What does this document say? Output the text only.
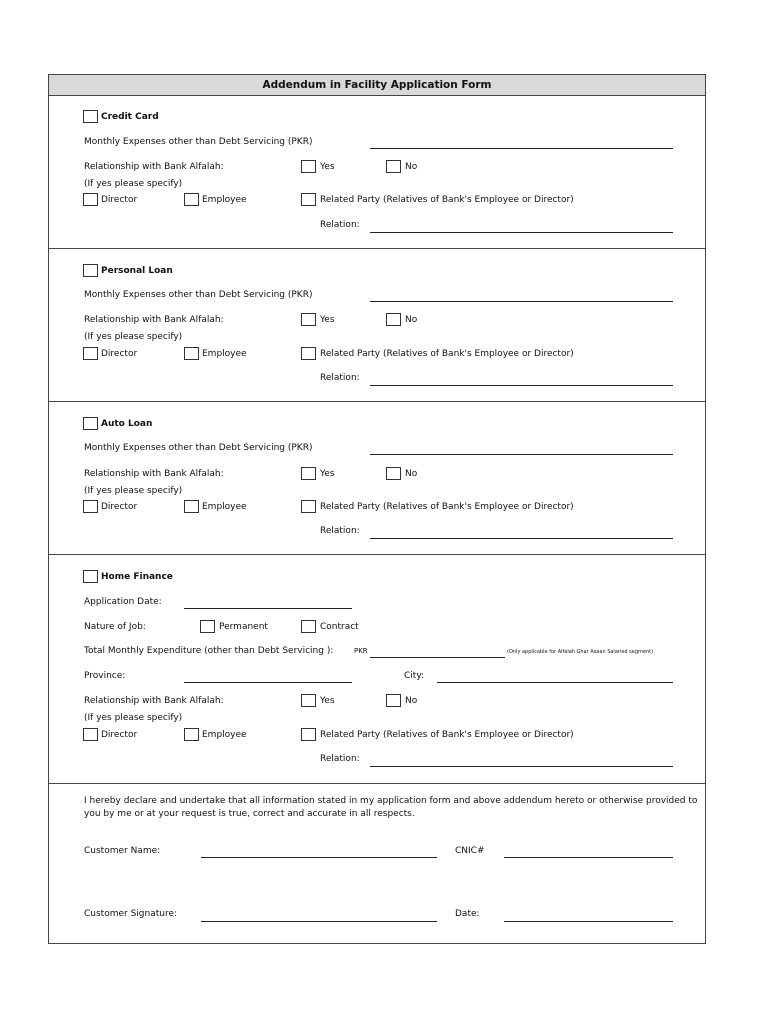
Addendum in Facility Application Form
Credit Card
Monthly Expenses other than Debt Servicing (PKR)
Relationship with Bank Alfalah:	Yes	No
(If yes please specify)
Director	Employee	Related Party (Relatives of Bank's Employee or Director)
Relation:
Personal Loan
Monthly Expenses other than Debt Servicing (PKR)
Relationship with Bank Alfalah:	Yes	No
(If yes please specify)
Director	Employee	Related Party (Relatives of Bank's Employee or Director)
Relation:
Auto Loan
Monthly Expenses other than Debt Servicing (PKR)
Relationship with Bank Alfalah:	Yes	No
(If yes please specify)
Director	Employee	Related Party (Relatives of Bank's Employee or Director)
Relation:
Home Finance
Application Date:
Nature of Job:	Permanent	Contract
Total Monthly Expenditure (other than Debt Servicing ):	PKR	(Only applicable for Alfalah Ghar Asaan Salaried segment)
Province:	City:
Relationship with Bank Alfalah:	Yes	No
(If yes please specify)
Director	Employee	Related Party (Relatives of Bank's Employee or Director)
Relation:
I hereby declare and undertake that all information stated in my application form and above addendum hereto or otherwise provided to
you by me or at your request is true, correct and accurate in all respects.
Customer Name:	CNIC#
Customer Signature:	Date:
